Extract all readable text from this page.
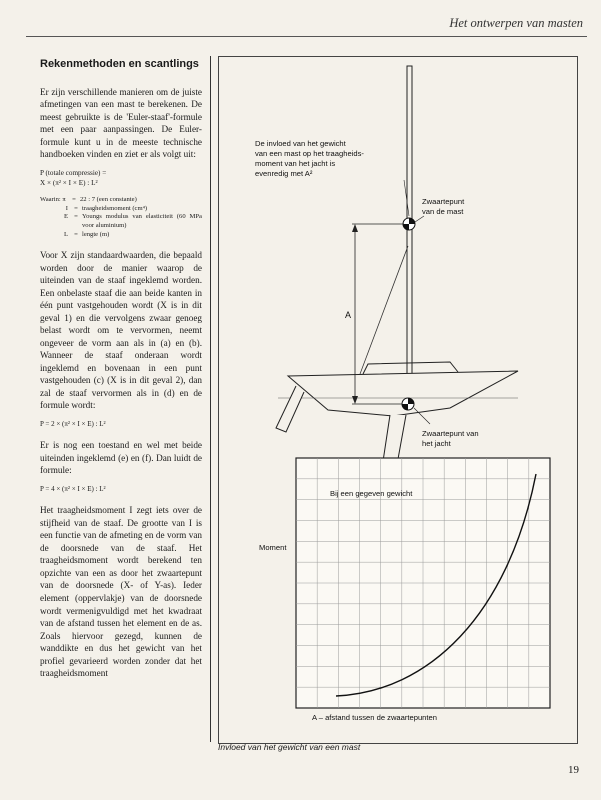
Het ontwerpen van masten
Rekenmethoden en scantlings

Er zijn verschillende manieren om de juiste afmetingen van een mast te berekenen. De meest gebruikte is de 'Euler-staaf'-formule met een paar aanpassingen. De Euler-formule kunt u in de meeste technische handboeken vinden en ziet er als volgt uit:

P (totale compressie) =
X × (π² × I × E) : L²
Waarin: π = 22 : 7 (een constante)
I = traagheidsmoment (cm⁴)
E = Youngs modulus van elasticiteit (60 MPa voor aluminium)
L = lengte (m)

Voor X zijn standaardwaarden, die bepaald worden door de manier waarop de uiteinden van de staaf ingeklemd worden. Een onbelaste staaf die aan beide kanten in één punt vastgehouden wordt (X is in dit geval 1) en die vervolgens zwaar genoeg belast wordt om te vervormen, neemt ongeveer de vorm aan als in (a) en (b). Wanneer de staaf onderaan wordt ingeklemd en bovenaan in een punt vastgehouden (c) (X is in dit geval 2), dan zal de staaf vervormen als in (d) en de formule wordt:

P = 2 × (π² × I × E) : L²

Er is nog een toestand en wel met beide uiteinden ingeklemd (e) en (f). Dan luidt de formule:

P = 4 × (π² × I × E) : L²

Het traagheidsmoment I zegt iets over de stijfheid van de staaf. De grootte van I is een functie van de afmeting en de vorm van de doorsnede van de staaf. Het traagheidsmoment wordt berekend ten opzichte van een as door het zwaartepunt van de doorsnede (X- of Y-as). Ieder element (oppervlakje) van de doorsnede wordt vermenigvuldigd met het kwadraat van de afstand tussen het element en de as. Zoals hiervoor gezegd, kunnen de wanddikte en dus het gewicht van het profiel gevarieerd worden zonder dat het traagheidsmoment

De invloed van het gewicht
van een mast op het traagheids-
moment van het jacht is
evenredig met A²
Zwaartepunt
van de mast
A
Zwaartepunt van
het jacht
Bij een gegeven gewicht
Moment
A – afstand tussen de zwaartepunten
Invloed van het gewicht van een mast
19
